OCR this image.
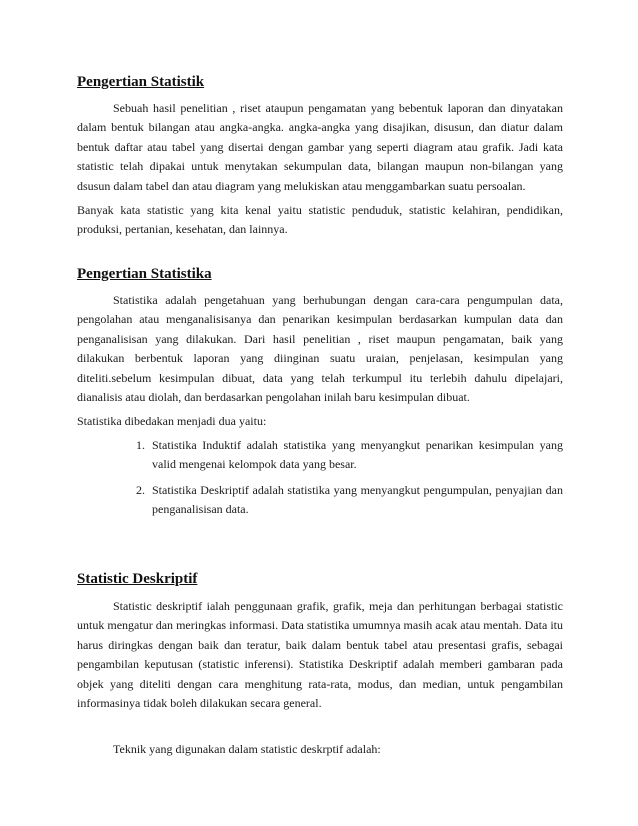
Pengertian Statistik

Sebuah hasil penelitian , riset ataupun pengamatan yang bebentuk laporan dan dinyatakan dalam bentuk bilangan atau angka-angka. angka-angka yang disajikan, disusun, dan diatur dalam bentuk daftar atau tabel yang disertai dengan gambar yang seperti diagram atau grafik. Jadi kata statistic telah dipakai untuk menytakan sekumpulan data, bilangan maupun non-bilangan yang dsusun dalam tabel dan atau diagram yang melukiskan atau menggambarkan suatu persoalan.

Banyak kata statistic yang kita kenal yaitu statistic penduduk, statistic kelahiran, pendidikan, produksi, pertanian, kesehatan, dan lainnya.

Pengertian Statistika

Statistika adalah pengetahuan yang berhubungan dengan cara-cara pengumpulan data, pengolahan atau menganalisisanya dan penarikan kesimpulan berdasarkan kumpulan data dan penganalisisan yang dilakukan. Dari hasil penelitian , riset maupun pengamatan, baik yang dilakukan berbentuk laporan yang diinginan suatu uraian, penjelasan, kesimpulan yang diteliti.sebelum kesimpulan dibuat, data yang telah terkumpul itu terlebih dahulu dipelajari, dianalisis atau diolah, dan berdasarkan pengolahan inilah baru kesimpulan dibuat.

Statistika dibedakan menjadi dua yaitu:

1. Statistika Induktif adalah statistika yang menyangkut penarikan kesimpulan yang valid mengenai kelompok data yang besar.
2. Statistika Deskriptif adalah statistika yang menyangkut pengumpulan, penyajian dan penganalisisan data.
Statistic Deskriptif

Statistic deskriptif ialah penggunaan grafik, grafik, meja dan perhitungan berbagai statistic untuk mengatur dan meringkas informasi. Data statistika umumnya masih acak atau mentah. Data itu harus diringkas dengan baik dan teratur, baik dalam bentuk tabel atau presentasi grafis, sebagai pengambilan keputusan (statistic inferensi). Statistika Deskriptif adalah memberi gambaran pada objek yang diteliti dengan cara menghitung rata-rata, modus, dan median, untuk pengambilan informasinya tidak boleh dilakukan secara general.

Teknik yang digunakan dalam statistic deskrptif adalah:
